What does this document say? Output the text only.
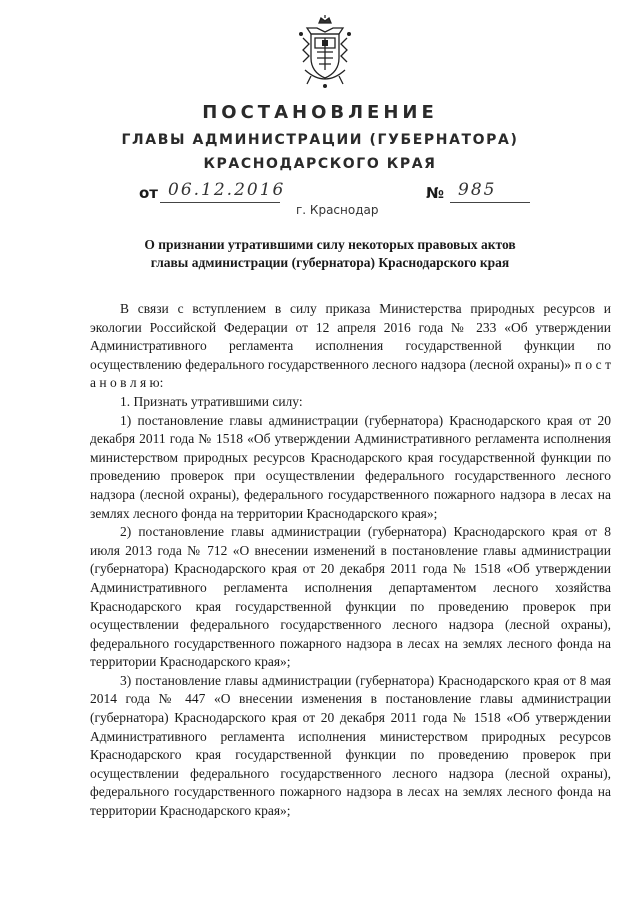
ПОСТАНОВЛЕНИЕ
ГЛАВЫ АДМИНИСТРАЦИИ (ГУБЕРНАТОРА)
КРАСНОДАРСКОГО КРАЯ
от 06.12.2016	№ 985
г. Краснодар
О признании утратившими силу некоторых правовых актов
главы администрации (губернатора) Краснодарского края

В связи с вступлением в силу приказа Министерства природных ресурсов и экологии Российской Федерации от 12 апреля 2016 года № 233 «Об утверждении Административного регламента исполнения государственной функции по осуществлению федерального государственного лесного надзора (лесной охраны)» п о с т а н о в л я ю:

1. Признать утратившими силу:

1) постановление главы администрации (губернатора) Краснодарского края от 20 декабря 2011 года № 1518 «Об утверждении Административного регламента исполнения министерством природных ресурсов Краснодарского края государственной функции по проведению проверок при осуществлении федерального государственного лесного надзора (лесной охраны), федерального государственного пожарного надзора в лесах на землях лесного фонда на территории Краснодарского края»;

2) постановление главы администрации (губернатора) Краснодарского края от 8 июля 2013 года № 712 «О внесении изменений в постановление главы администрации (губернатора) Краснодарского края от 20 декабря 2011 года № 1518 «Об утверждении Административного регламента исполнения департаментом лесного хозяйства Краснодарского края государственной функции по проведению проверок при осуществлении федерального государственного лесного надзора (лесной охраны), федерального государственного пожарного надзора в лесах на землях лесного фонда на территории Краснодарского края»;

3) постановление главы администрации (губернатора) Краснодарского края от 8 мая 2014 года № 447 «О внесении изменения в постановление главы администрации (губернатора) Краснодарского края от 20 декабря 2011 года № 1518 «Об утверждении Административного регламента исполнения министерством природных ресурсов Краснодарского края государственной функции по проведению проверок при осуществлении федерального государственного лесного надзора (лесной охраны), федерального государственного пожарного надзора в лесах на землях лесного фонда на территории Краснодарского края»;
